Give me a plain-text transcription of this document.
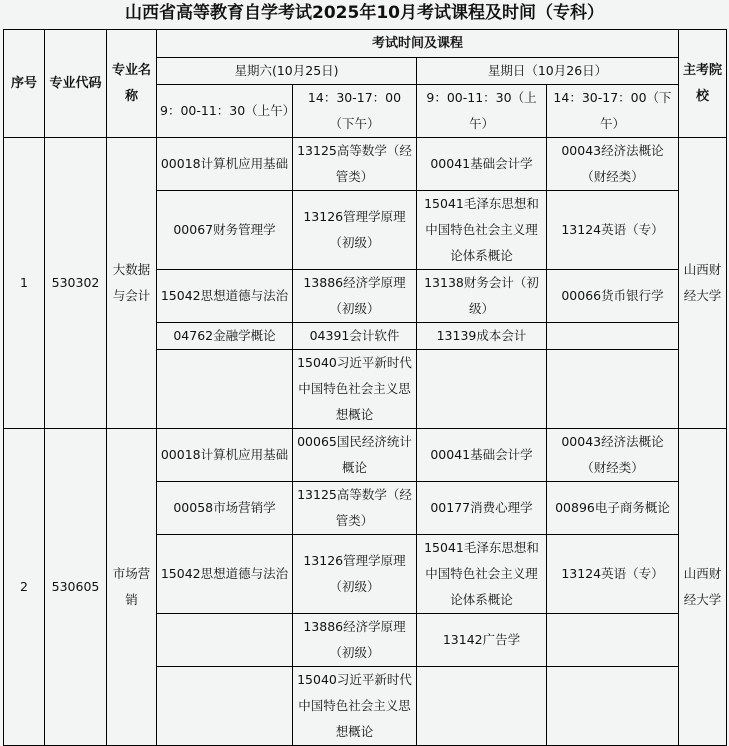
山西省高等教育自学考试2025年10月考试课程及时间（专科）
序号	专业代码	专业名称	考试时间及课程				主考院校
			星期六(10月25日)		星期日（10月26日）		
			9：00-11：30（上午）	14：30-17：00（下午）	9：00-11：30（上午）	14：30-17：00（下午）	
1	530302	大数据与会计	00018计算机应用基础	13125高等数学（经管类）	00041基础会计学	00043经济法概论（财经类）	山西财经大学
			00067财务管理学	13126管理学原理（初级）	15041毛泽东思想和中国特色社会主义理论体系概论	13124英语（专）	
			15042思想道德与法治	13886经济学原理（初级）	13138财务会计（初级）	00066货币银行学	
			04762金融学概论	04391会计软件	13139成本会计		
				15040习近平新时代中国特色社会主义思想概论			
2	530605	市场营销	00018计算机应用基础	00065国民经济统计概论	00041基础会计学	00043经济法概论（财经类）	山西财经大学
			00058市场营销学	13125高等数学（经管类）	00177消费心理学	00896电子商务概论	
			15042思想道德与法治	13126管理学原理（初级）	15041毛泽东思想和中国特色社会主义理论体系概论	13124英语（专）	
				13886经济学原理（初级）	13142广告学		
				15040习近平新时代中国特色社会主义思想概论			
